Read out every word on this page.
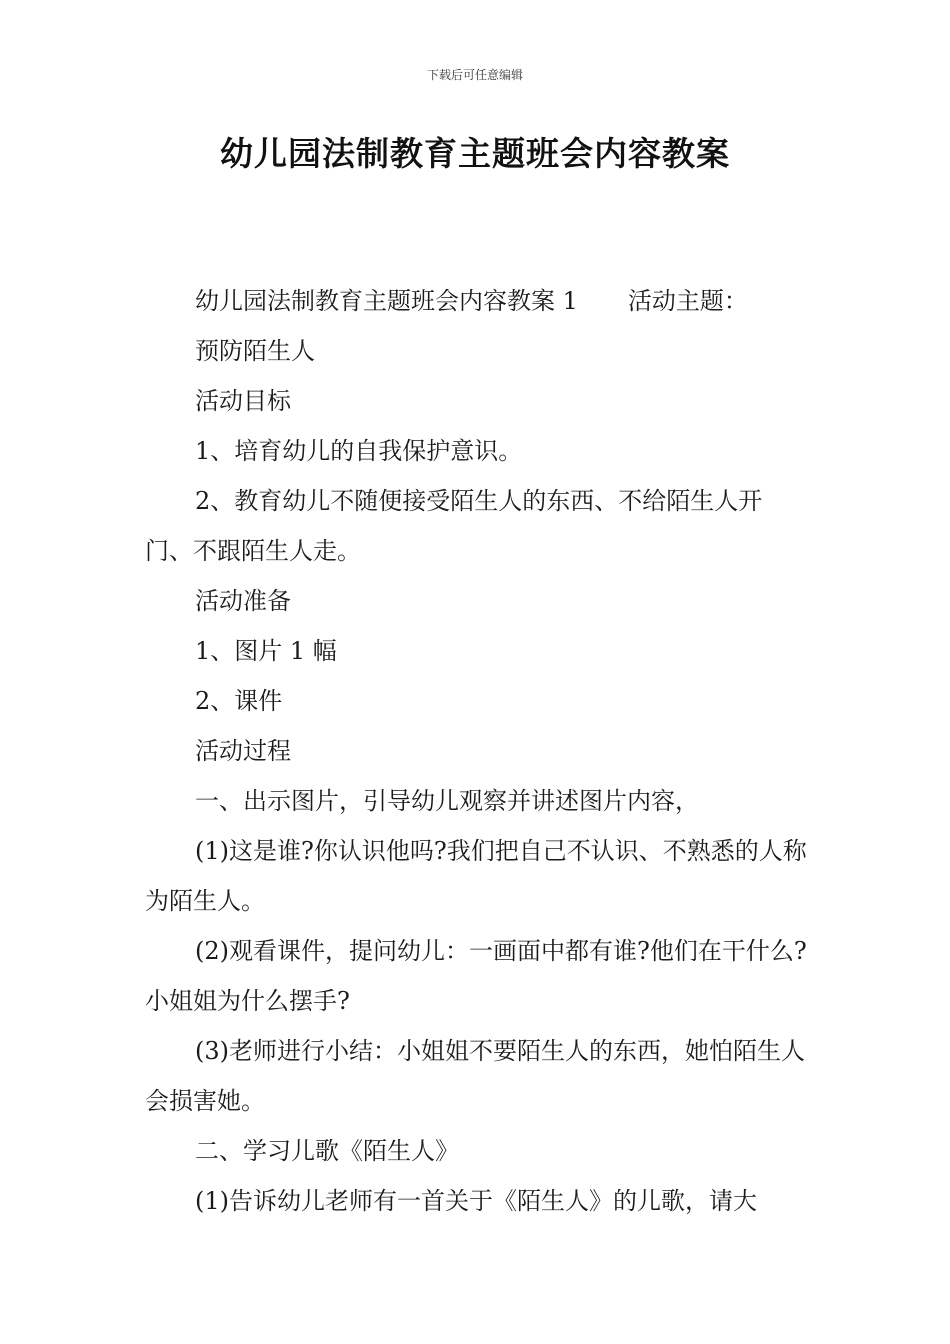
下载后可任意编辑
幼儿园法制教育主题班会内容教案

幼儿园法制教育主题班会内容教案 1 活动主题：

预防陌生人

活动目标

1、培育幼儿的自我保护意识。

2、教育幼儿不随便接受陌生人的东西、不给陌生人开门、不跟陌生人走。

活动准备

1、图片 1 幅

2、课件

活动过程

一、出示图片，引导幼儿观察并讲述图片内容，

(1)这是谁?你认识他吗?我们把自己不认识、不熟悉的人称为陌生人。

(2)观看课件，提问幼儿：一画面中都有谁?他们在干什么?小姐姐为什么摆手?

(3)老师进行小结：小姐姐不要陌生人的东西，她怕陌生人会损害她。

二、学习儿歌《陌生人》

(1)告诉幼儿老师有一首关于《陌生人》的儿歌，请大
